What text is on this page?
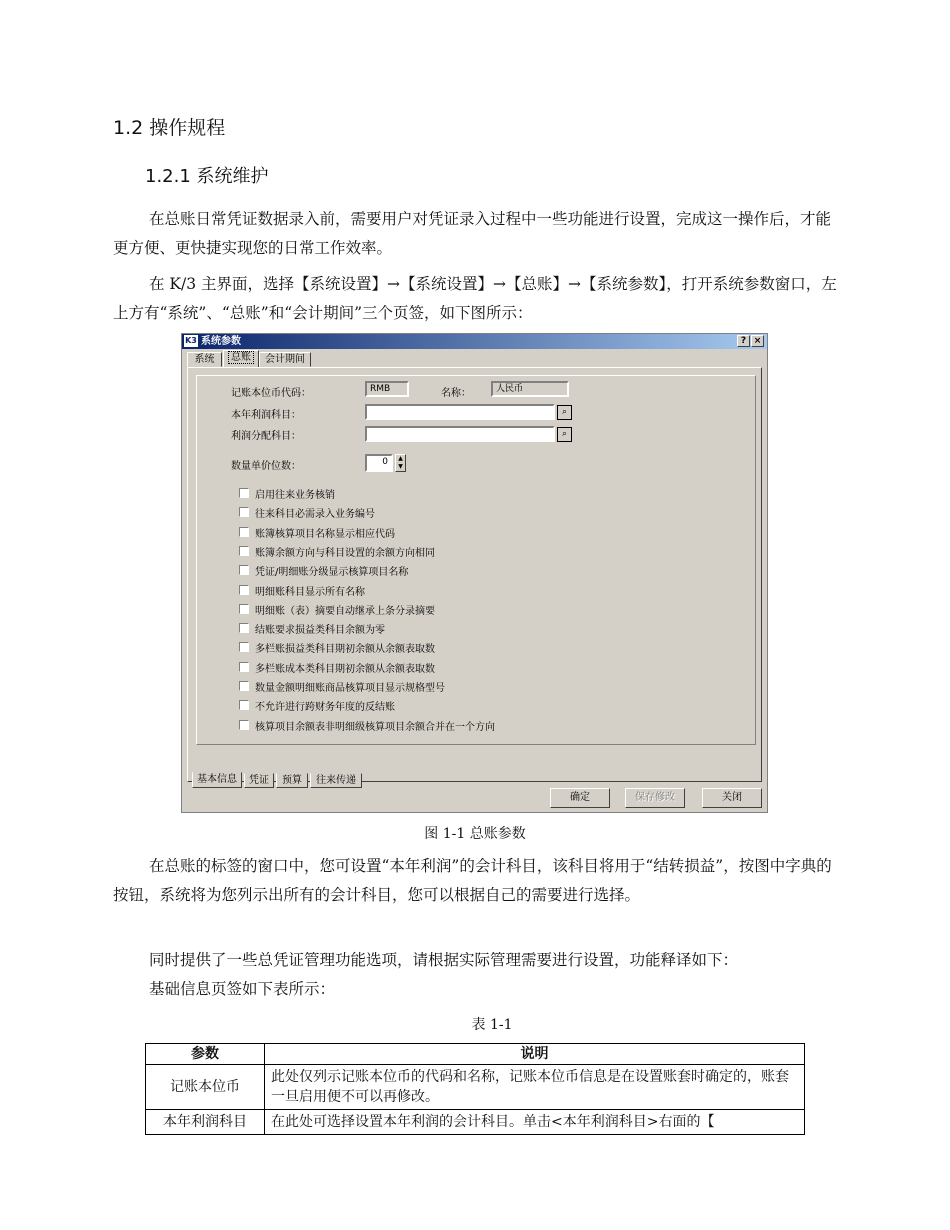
1.2 操作规程
1.2.1 系统维护

在总账日常凭证数据录入前，需要用户对凭证录入过程中一些功能进行设置，完成这一操作后，才能更方便、更快捷实现您的日常工作效率。

在 K/3 主界面，选择【系统设置】→【系统设置】→【总账】→【系统参数】，打开系统参数窗口，左上方有“系统”、“总账”和“会计期间”三个页签，如下图所示：

K3 系统参数	? ×
系统	总账	会计期间
记账本位币代码：	RMB	名称：	人民币
本年利润科目：	⌕
利润分配科目：	⌕
数量单价位数：	0	▲
▼
启用往来业务核销
往来科目必需录入业务编号
账簿核算项目名称显示相应代码
账簿余额方向与科目设置的余额方向相同
凭证/明细账分级显示核算项目名称
明细账科目显示所有名称
明细账（表）摘要自动继承上条分录摘要
结账要求损益类科目余额为零
多栏账损益类科目期初余额从余额表取数
多栏账成本类科目期初余额从余额表取数
数量金额明细账商品核算项目显示规格型号
不允许进行跨财务年度的反结账
核算项目余额表非明细级核算项目余额合并在一个方向
基本信息	凭证	预算	往来传递
确定	保存修改	关闭
图 1-1 总账参数

在总账的标签的窗口中，您可设置“本年利润”的会计科目，该科目将用于“结转损益”，按图中字典的按钮，系统将为您列示出所有的会计科目，您可以根据自己的需要进行选择。

同时提供了一些总凭证管理功能选项，请根据实际管理需要进行设置，功能释译如下：

基础信息页签如下表所示：

表 1-1
参数	说明
记账本位币	此处仅列示记账本位币的代码和名称，记账本位币信息是在设置账套时确定的，账套一旦启用便不可以再修改。
本年利润科目	在此处可选择设置本年利润的会计科目。单击<本年利润科目>右面的【
